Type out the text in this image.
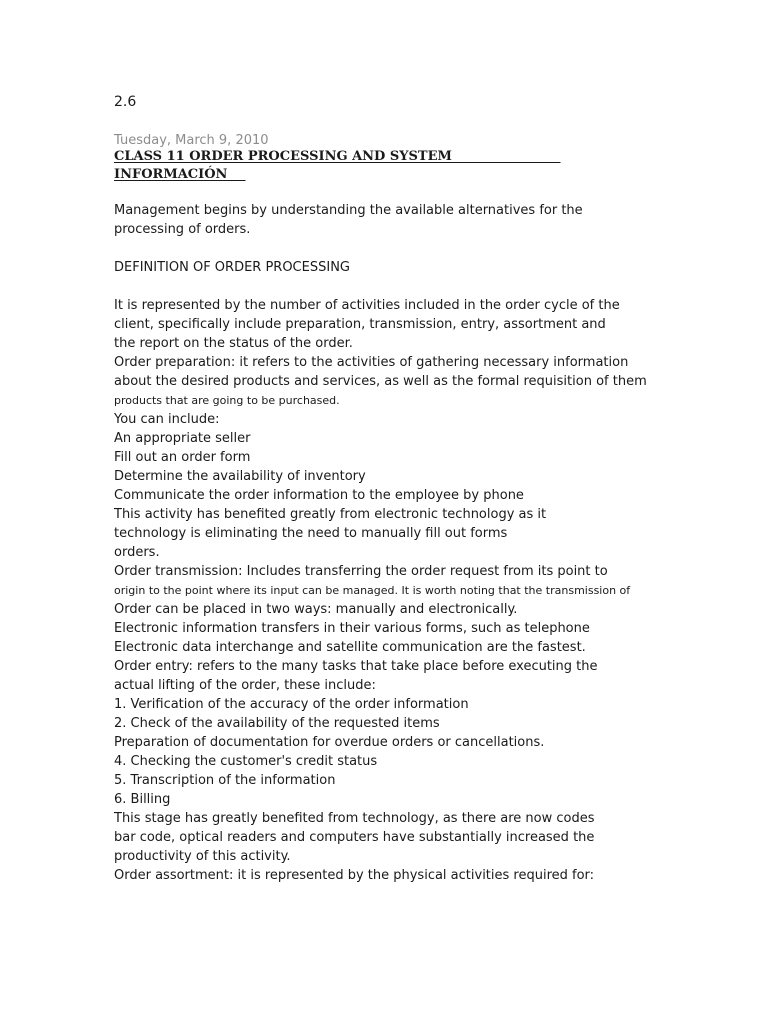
2.6
Tuesday, March 9, 2010
CLASS 11 ORDER PROCESSING AND SYSTEM
INFORMACIÓN
Management begins by understanding the available alternatives for the
processing of orders.
DEFINITION OF ORDER PROCESSING
It is represented by the number of activities included in the order cycle of the
client, specifically include preparation, transmission, entry, assortment and
the report on the status of the order.
Order preparation: it refers to the activities of gathering necessary information
about the desired products and services, as well as the formal requisition of them
products that are going to be purchased.
You can include:
An appropriate seller
Fill out an order form
Determine the availability of inventory
Communicate the order information to the employee by phone
This activity has benefited greatly from electronic technology as it
technology is eliminating the need to manually fill out forms
orders.
Order transmission: Includes transferring the order request from its point to
origin to the point where its input can be managed. It is worth noting that the transmission of
Order can be placed in two ways: manually and electronically.
Electronic information transfers in their various forms, such as telephone
Electronic data interchange and satellite communication are the fastest.
Order entry: refers to the many tasks that take place before executing the
actual lifting of the order, these include:
1. Verification of the accuracy of the order information
2. Check of the availability of the requested items
Preparation of documentation for overdue orders or cancellations.
4. Checking the customer's credit status
5. Transcription of the information
6. Billing
This stage has greatly benefited from technology, as there are now codes
bar code, optical readers and computers have substantially increased the
productivity of this activity.
Order assortment: it is represented by the physical activities required for:
